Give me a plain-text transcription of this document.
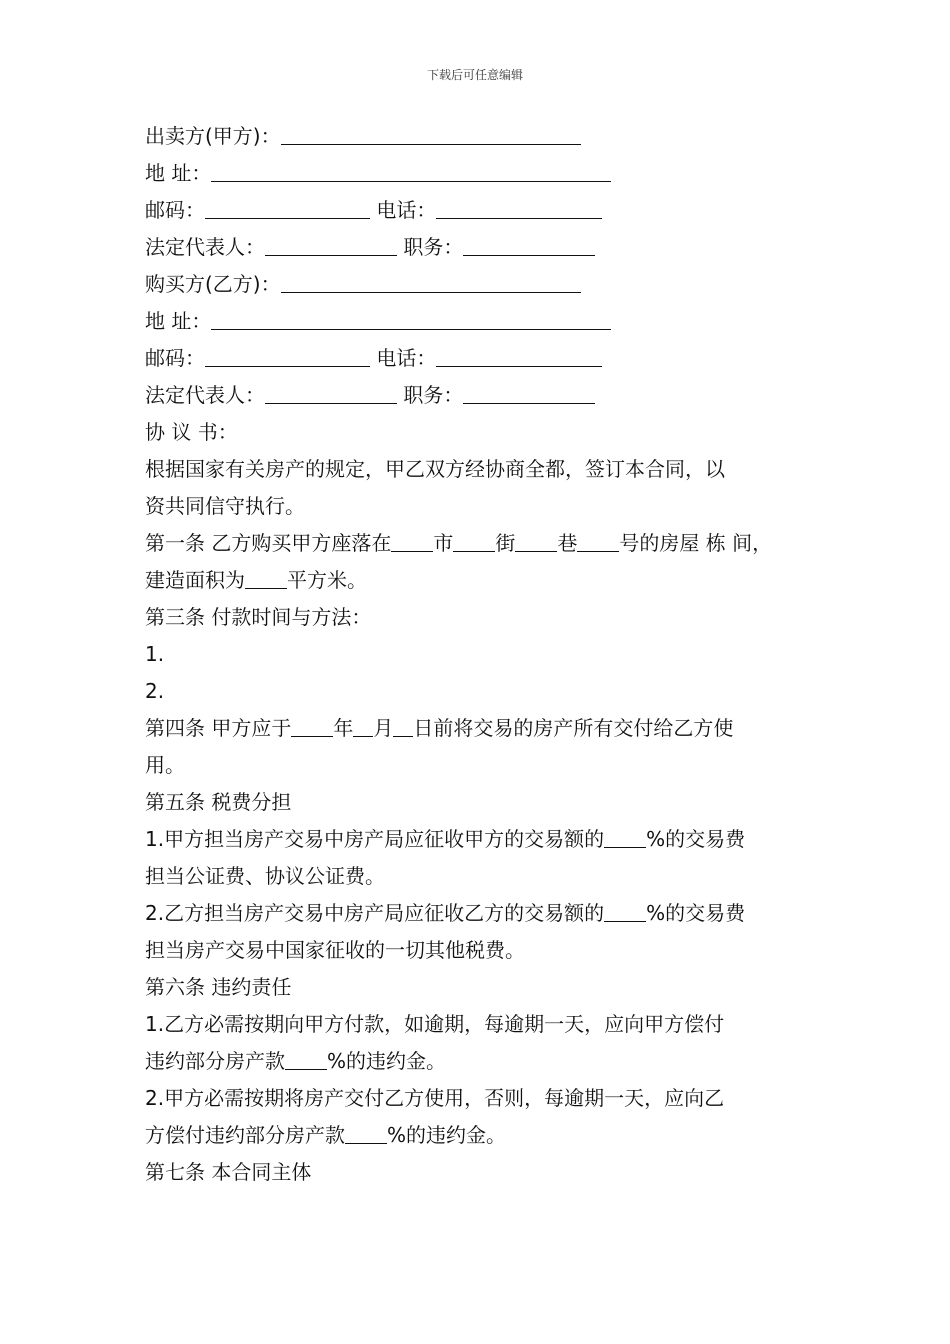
下载后可任意编辑
出卖方(甲方)：
地 址：
邮码：	电话：
法定代表人：	职务：
购买方(乙方)：
地 址：
邮码：	电话：
法定代表人：	职务：
协 议 书：
根据国家有关房产的规定，甲乙双方经协商全都，签订本合同，以
资共同信守执行。
第一条 乙方购买甲方座落在 市 街 巷 号的房屋 栋 间，
建造面积为 平方米。
第三条 付款时间与方法：
1.
2.
第四条 甲方应于 年 月 日前将交易的房产所有交付给乙方使
用。
第五条 税费分担
1.甲方担当房产交易中房产局应征收甲方的交易额的 %的交易费
担当公证费、协议公证费。
2.乙方担当房产交易中房产局应征收乙方的交易额的 %的交易费
担当房产交易中国家征收的一切其他税费。
第六条 违约责任
1.乙方必需按期向甲方付款，如逾期，每逾期一天，应向甲方偿付
违约部分房产款 %的违约金。
2.甲方必需按期将房产交付乙方使用，否则，每逾期一天，应向乙
方偿付违约部分房产款 %的违约金。
第七条 本合同主体
